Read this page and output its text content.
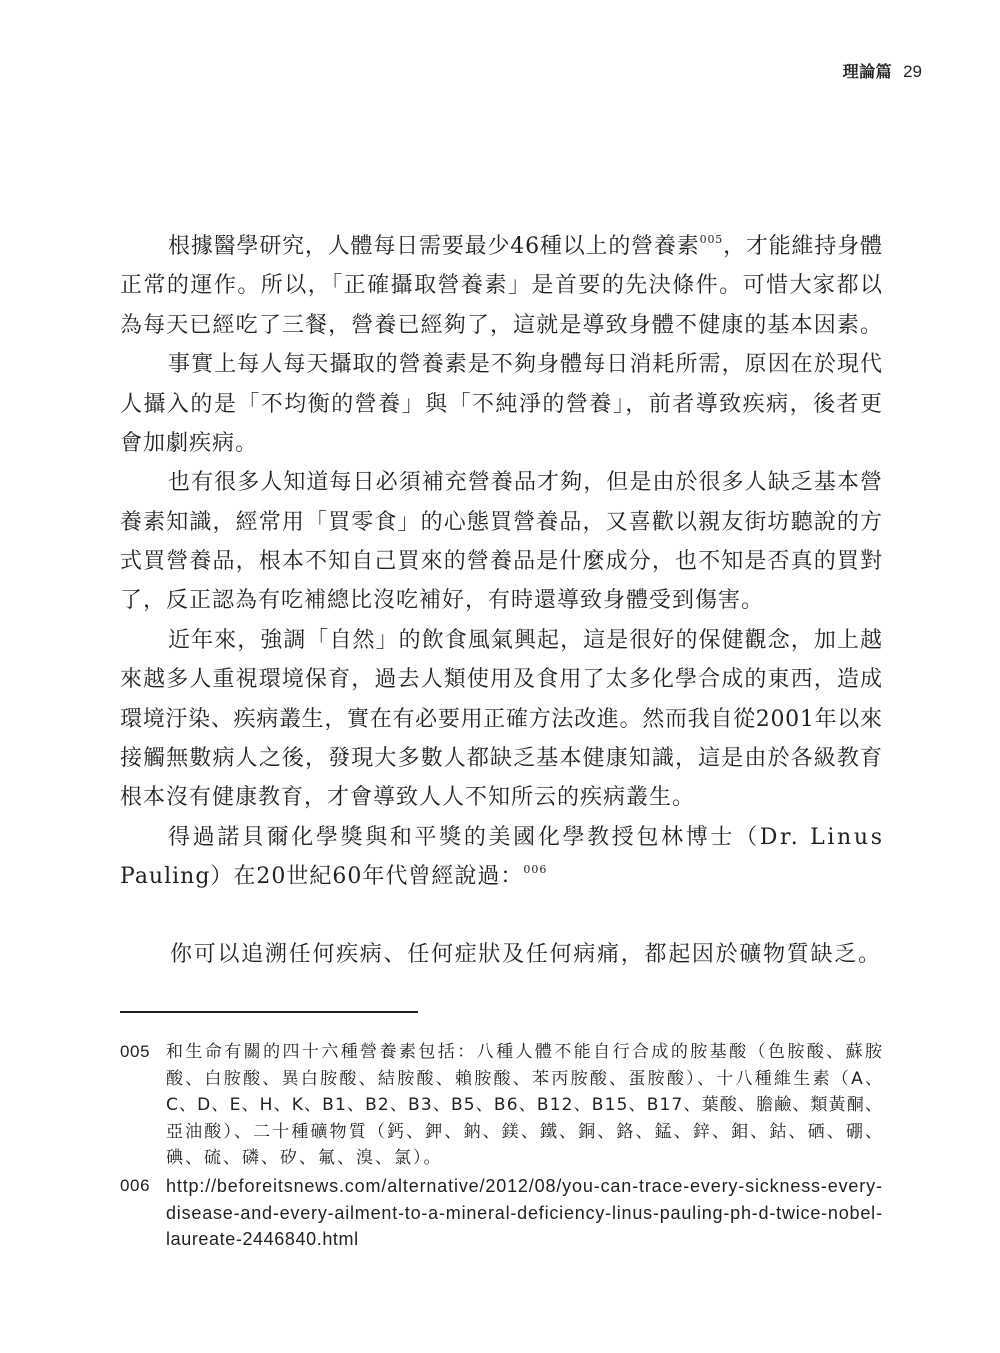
理論篇 29
根據醫學研究，人體每日需要最少46種以上的營養素$^{005}$，才能維持身體
正常的運作。所以，「正確攝取營養素」是首要的先決條件。可惜大家都以
為每天已經吃了三餐，營養已經夠了，這就是導致身體不健康的基本因素。
事實上每人每天攝取的營養素是不夠身體每日消耗所需，原因在於現代
人攝入的是「不均衡的營養」與「不純淨的營養」，前者導致疾病，後者更
會加劇疾病。
也有很多人知道每日必須補充營養品才夠，但是由於很多人缺乏基本營
養素知識，經常用「買零食」的心態買營養品，又喜歡以親友街坊聽說的方
式買營養品，根本不知自己買來的營養品是什麼成分，也不知是否真的買對
了，反正認為有吃補總比沒吃補好，有時還導致身體受到傷害。
近年來，強調「自然」的飲食風氣興起，這是很好的保健觀念，加上越
來越多人重視環境保育，過去人類使用及食用了太多化學合成的東西，造成
環境汙染、疾病叢生，實在有必要用正確方法改進。然而我自從2001年以來
接觸無數病人之後，發現大多數人都缺乏基本健康知識，這是由於各級教育
根本沒有健康教育，才會導致人人不知所云的疾病叢生。
得過諾貝爾化學獎與和平獎的美國化學教授包林博士（Dr. Linus
Pauling）在20世紀60年代曾經說過：$^{006}$
你可以追溯任何疾病、任何症狀及任何病痛，都起因於礦物質缺乏。
005 和生命有關的四十六種營養素包括：八種人體不能自行合成的胺基酸（色胺酸、蘇胺
酸、白胺酸、異白胺酸、結胺酸、賴胺酸、苯丙胺酸、蛋胺酸）、十八種維生素（A、
C、D、E、H、K、B1、B2、B3、B5、B6、B12、B15、B17、葉酸、膽鹼、類黃酮、
亞油酸）、二十種礦物質（鈣、鉀、鈉、鎂、鐵、銅、鉻、錳、鋅、鉬、鈷、硒、硼、
碘、硫、磷、矽、氟、溴、氯）。
006 http://beforeitsnews.com/alternative/2012/08/you-can-trace-every-sickness-every-
disease-and-every-ailment-to-a-mineral-deficiency-linus-pauling-ph-d-twice-nobel-
laureate-2446840.html
